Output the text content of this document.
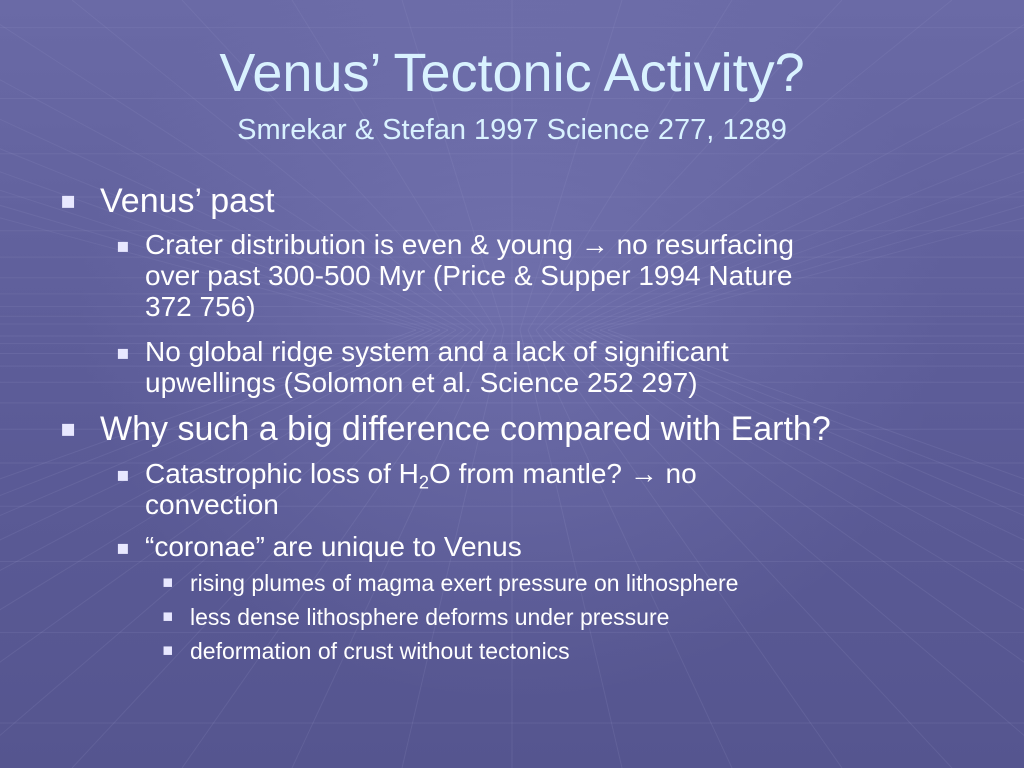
Venus’ Tectonic Activity?
Smrekar & Stefan 1997 Science 277, 1289
▪ Venus’ past
▪ Crater distribution is even & young → no resurfacing
over past 300-500 Myr (Price & Supper 1994 Nature
372 756)
▪ No global ridge system and a lack of significant
upwellings (Solomon et al. Science 252 297)
▪ Why such a big difference compared with Earth?
▪ Catastrophic loss of $H_2O$ from mantle? → no
convection
▪ “coronae” are unique to Venus
▪ rising plumes of magma exert pressure on lithosphere
▪ less dense lithosphere deforms under pressure
▪ deformation of crust without tectonics
